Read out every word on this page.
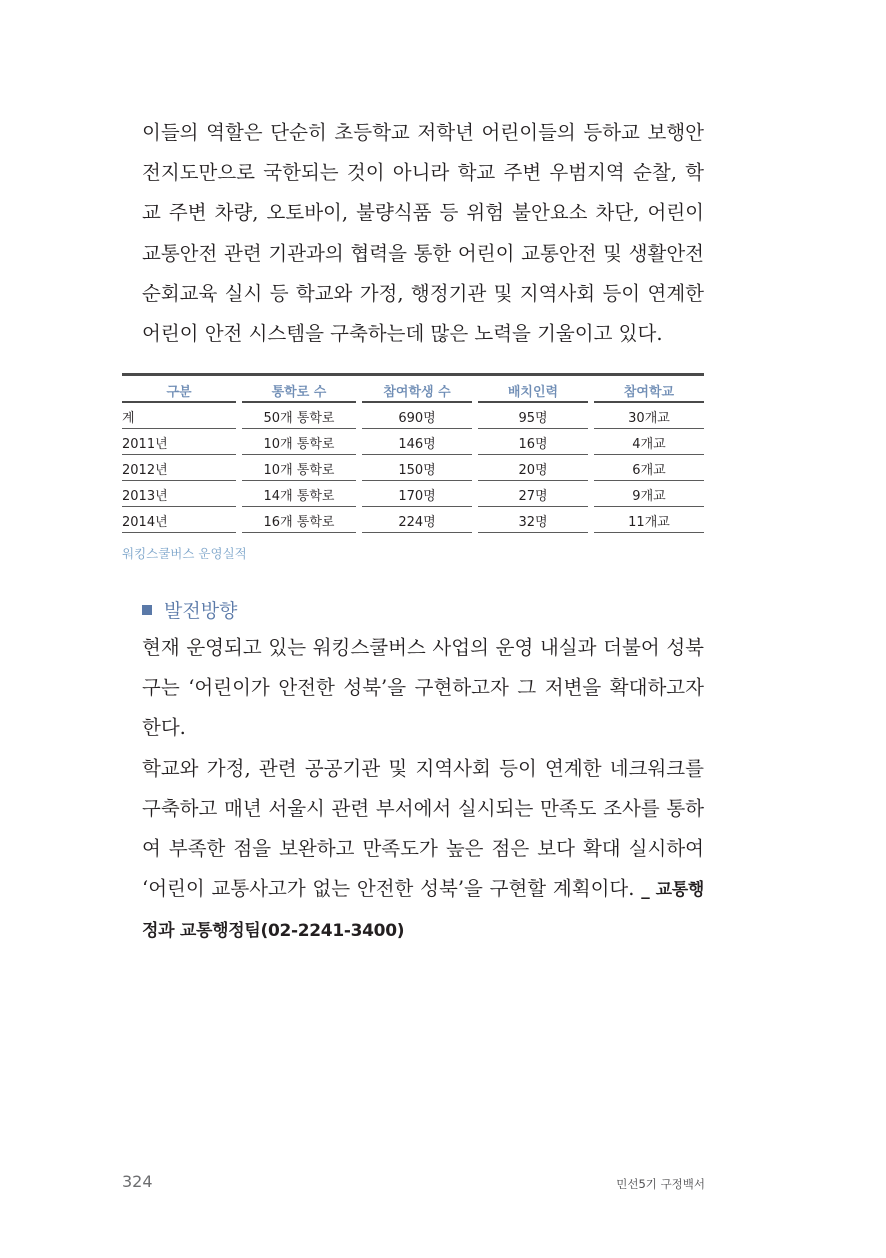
이들의 역할은 단순히 초등학교 저학년 어린이들의 등하교 보행안전지도만으로 국한되는 것이 아니라 학교 주변 우범지역 순찰, 학교 주변 차량, 오토바이, 불량식품 등 위험 불안요소 차단, 어린이 교통안전 관련 기관과의 협력을 통한 어린이 교통안전 및 생활안전 순회교육 실시 등 학교와 가정, 행정기관 및 지역사회 등이 연계한 어린이 안전 시스템을 구축하는데 많은 노력을 기울이고 있다.
구분	통학로 수	참여학생 수	배치인력	참여학교
계	50개 통학로	690명	95명	30개교
2011년	10개 통학로	146명	16명	4개교
2012년	10개 통학로	150명	20명	6개교
2013년	14개 통학로	170명	27명	9개교
2014년	16개 통학로	224명	32명	11개교
워킹스쿨버스 운영실적
발전방향
현재 운영되고 있는 워킹스쿨버스 사업의 운영 내실과 더불어 성북구는 ‘어린이가 안전한 성북’을 구현하고자 그 저변을 확대하고자 한다.
학교와 가정, 관련 공공기관 및 지역사회 등이 연계한 네크워크를 구축하고 매년 서울시 관련 부서에서 실시되는 만족도 조사를 통하여 부족한 점을 보완하고 만족도가 높은 점은 보다 확대 실시하여 ‘어린이 교통사고가 없는 안전한 성북’을 구현할 계획이다. _ 교통행정과 교통행정팀(02-2241-3400)
324	민선5기 구정백서
